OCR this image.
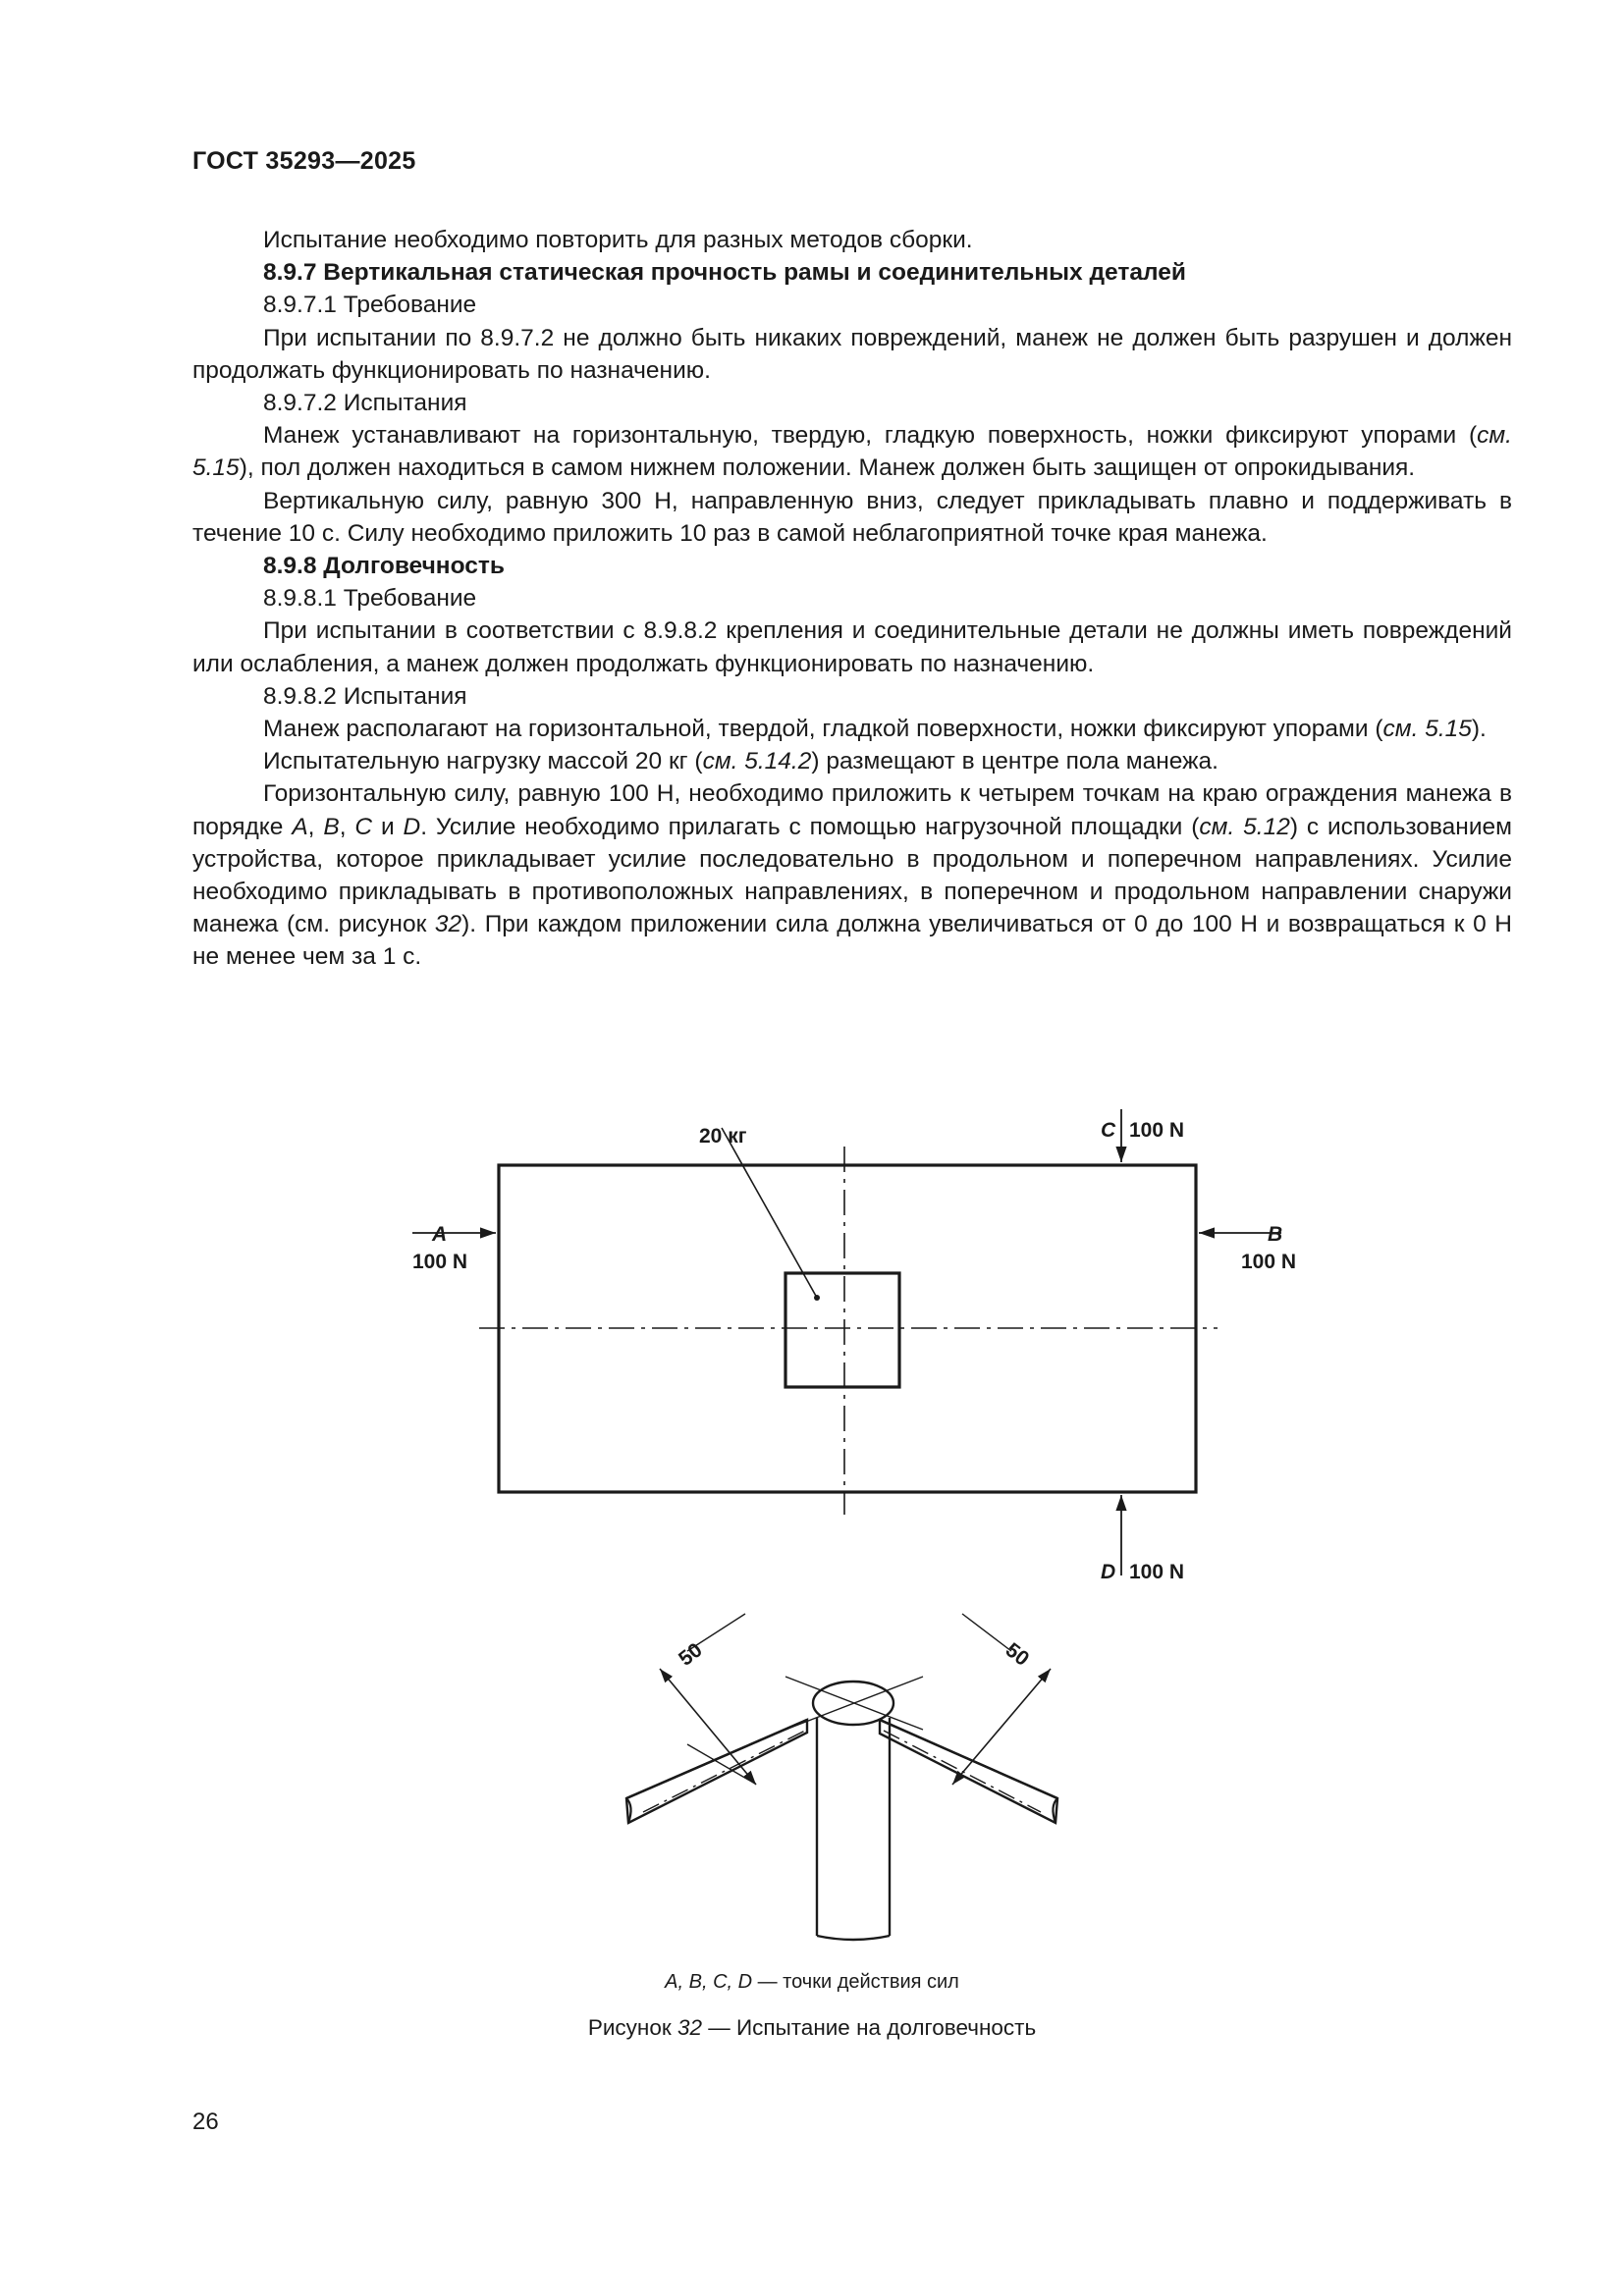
ГОСТ 35293—2025

Испытание необходимо повторить для разных методов сборки.

8.9.7 Вертикальная статическая прочность рамы и соединительных деталей

8.9.7.1 Требование

При испытании по 8.9.7.2 не должно быть никаких повреждений, манеж не должен быть разрушен и должен продолжать функционировать по назначению.

8.9.7.2 Испытания

Манеж устанавливают на горизонтальную, твердую, гладкую поверхность, ножки фиксируют упорами (см. 5.15), пол должен находиться в самом нижнем положении. Манеж должен быть защищен от опрокидывания.

Вертикальную силу, равную 300 Н, направленную вниз, следует прикладывать плавно и поддерживать в течение 10 с. Силу необходимо приложить 10 раз в самой неблагоприятной точке края манежа.

8.9.8 Долговечность

8.9.8.1 Требование

При испытании в соответствии с 8.9.8.2 крепления и соединительные детали не должны иметь повреждений или ослабления, а манеж должен продолжать функционировать по назначению.

8.9.8.2 Испытания

Манеж располагают на горизонтальной, твердой, гладкой поверхности, ножки фиксируют упорами (см. 5.15).

Испытательную нагрузку массой 20 кг (см. 5.14.2) размещают в центре пола манежа.

Горизонтальную силу, равную 100 Н, необходимо приложить к четырем точкам на краю ограждения манежа в порядке A, B, C и D. Усилие необходимо прилагать с помощью нагрузочной площадки (см. 5.12) с использованием устройства, которое прикладывает усилие последовательно в продольном и поперечном направлениях. Усилие необходимо прикладывать в противоположных направлениях, в поперечном и продольном направлении снаружи манежа (см. рисунок 32). При каждом приложении сила должна увеличиваться от 0 до 100 Н и возвращаться к 0 Н не менее чем за 1 с.

20 кг
A
100 N
B
100 N
C 100 N
D 100 N
50	50
A, B, C, D — точки действия сил
Рисунок 32 — Испытание на долговечность
26
